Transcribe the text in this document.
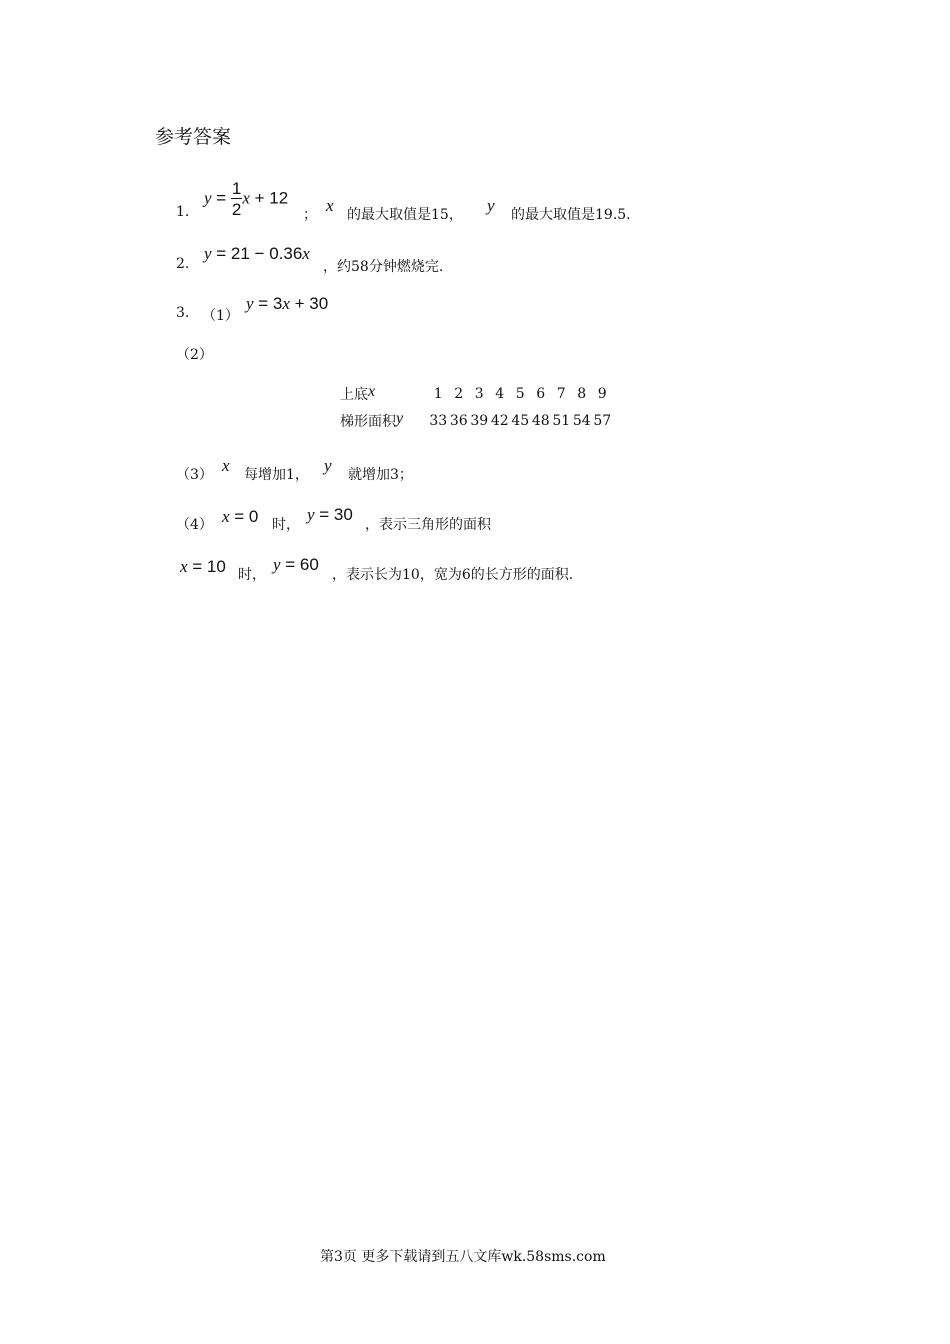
参考答案
1.
$y = \frac{1}{2}$ x + 12
； x 的最大取值是15， y 的最大取值是19.5.
2.
y = 21 − 0.36x
，约58分钟燃烧完.
3. （1）
y = 3x + 30
（2）
上底x	1	2	3	4	5	6	7	8	9
梯形面积y	33	36	39	42	45	48	51	54	57
（3） x 每增加1， y 就增加3；
（4） x = 0 时，
y = 30
，表示三角形的面积
x = 10 时，
y = 60
，表示长为10，宽为6的长方形的面积.
第3页 更多下载请到五八文库wk.58sms.com
